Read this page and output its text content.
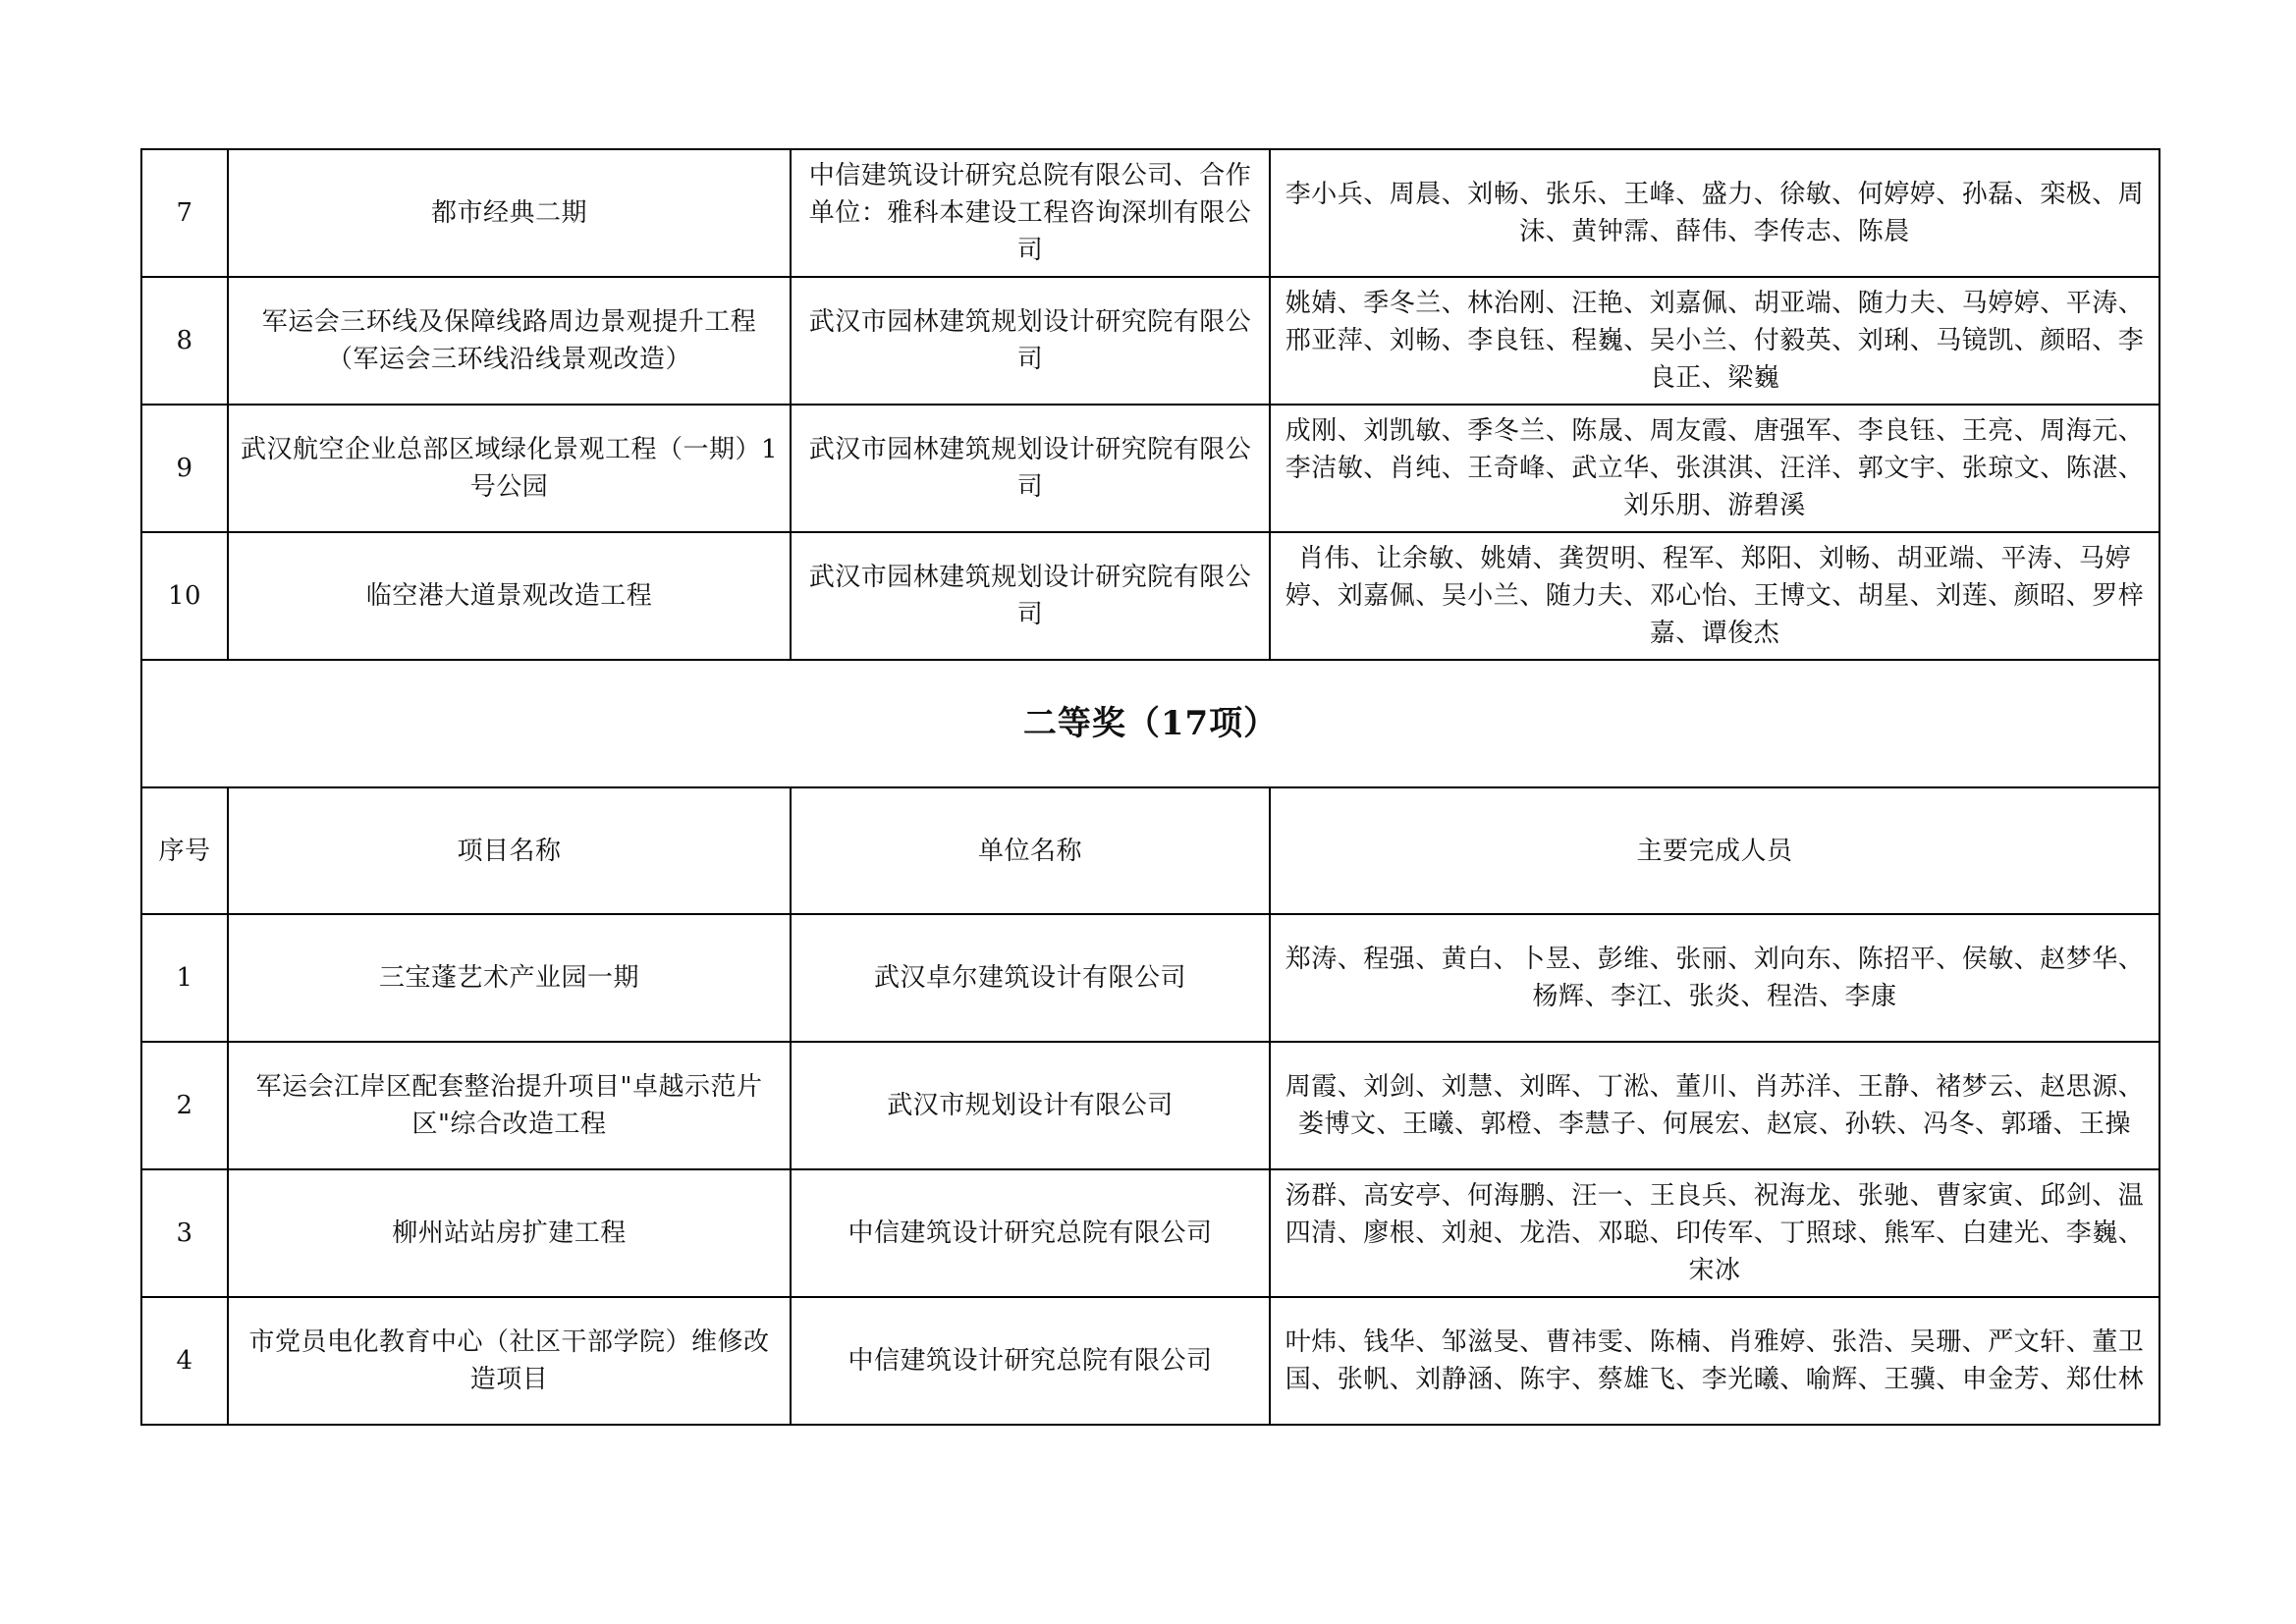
7	都市经典二期	中信建筑设计研究总院有限公司、合作单位：雅科本建设工程咨询深圳有限公司	李小兵、周晨、刘畅、张乐、王峰、盛力、徐敏、何婷婷、孙磊、栾极、周沫、黄钟霈、薛伟、李传志、陈晨
8	军运会三环线及保障线路周边景观提升工程（军运会三环线沿线景观改造）	武汉市园林建筑规划设计研究院有限公司	姚婧、季冬兰、林治刚、汪艳、刘嘉佩、胡亚端、随力夫、马婷婷、平涛、邢亚萍、刘畅、李良钰、程巍、吴小兰、付毅英、刘琍、马镜凯、颜昭、李良正、梁巍
9	武汉航空企业总部区域绿化景观工程（一期）1号公园	武汉市园林建筑规划设计研究院有限公司	成刚、刘凯敏、季冬兰、陈晟、周友霞、唐强军、李良钰、王亮、周海元、李洁敏、肖纯、王奇峰、武立华、张淇淇、汪洋、郭文宇、张琼文、陈湛、刘乐朋、游碧溪
10	临空港大道景观改造工程	武汉市园林建筑规划设计研究院有限公司	肖伟、让余敏、姚婧、龚贺明、程军、郑阳、刘畅、胡亚端、平涛、马婷婷、刘嘉佩、吴小兰、随力夫、邓心怡、王博文、胡星、刘莲、颜昭、罗梓嘉、谭俊杰
二等奖（17项）			
序号	项目名称	单位名称	主要完成人员
1	三宝蓬艺术产业园一期	武汉卓尔建筑设计有限公司	郑涛、程强、黄白、卜昱、彭维、张丽、刘向东、陈招平、侯敏、赵梦华、杨辉、李江、张炎、程浩、李康
2	军运会江岸区配套整治提升项目"卓越示范片区"综合改造工程	武汉市规划设计有限公司	周霞、刘剑、刘慧、刘晖、丁淞、董川、肖苏洋、王静、褚梦云、赵思源、娄博文、王曦、郭橙、李慧子、何展宏、赵宸、孙轶、冯冬、郭璠、王操
3	柳州站站房扩建工程	中信建筑设计研究总院有限公司	汤群、高安亭、何海鹏、汪一、王良兵、祝海龙、张驰、曹家寅、邱剑、温四清、廖根、刘昶、龙浩、邓聪、印传军、丁照球、熊军、白建光、李巍、宋冰
4	市党员电化教育中心（社区干部学院）维修改造项目	中信建筑设计研究总院有限公司	叶炜、钱华、邹滋旻、曹祎雯、陈楠、肖雅婷、张浩、吴珊、严文轩、董卫国、张帆、刘静涵、陈宇、蔡雄飞、李光曦、喻辉、王骥、申金芳、郑仕林
